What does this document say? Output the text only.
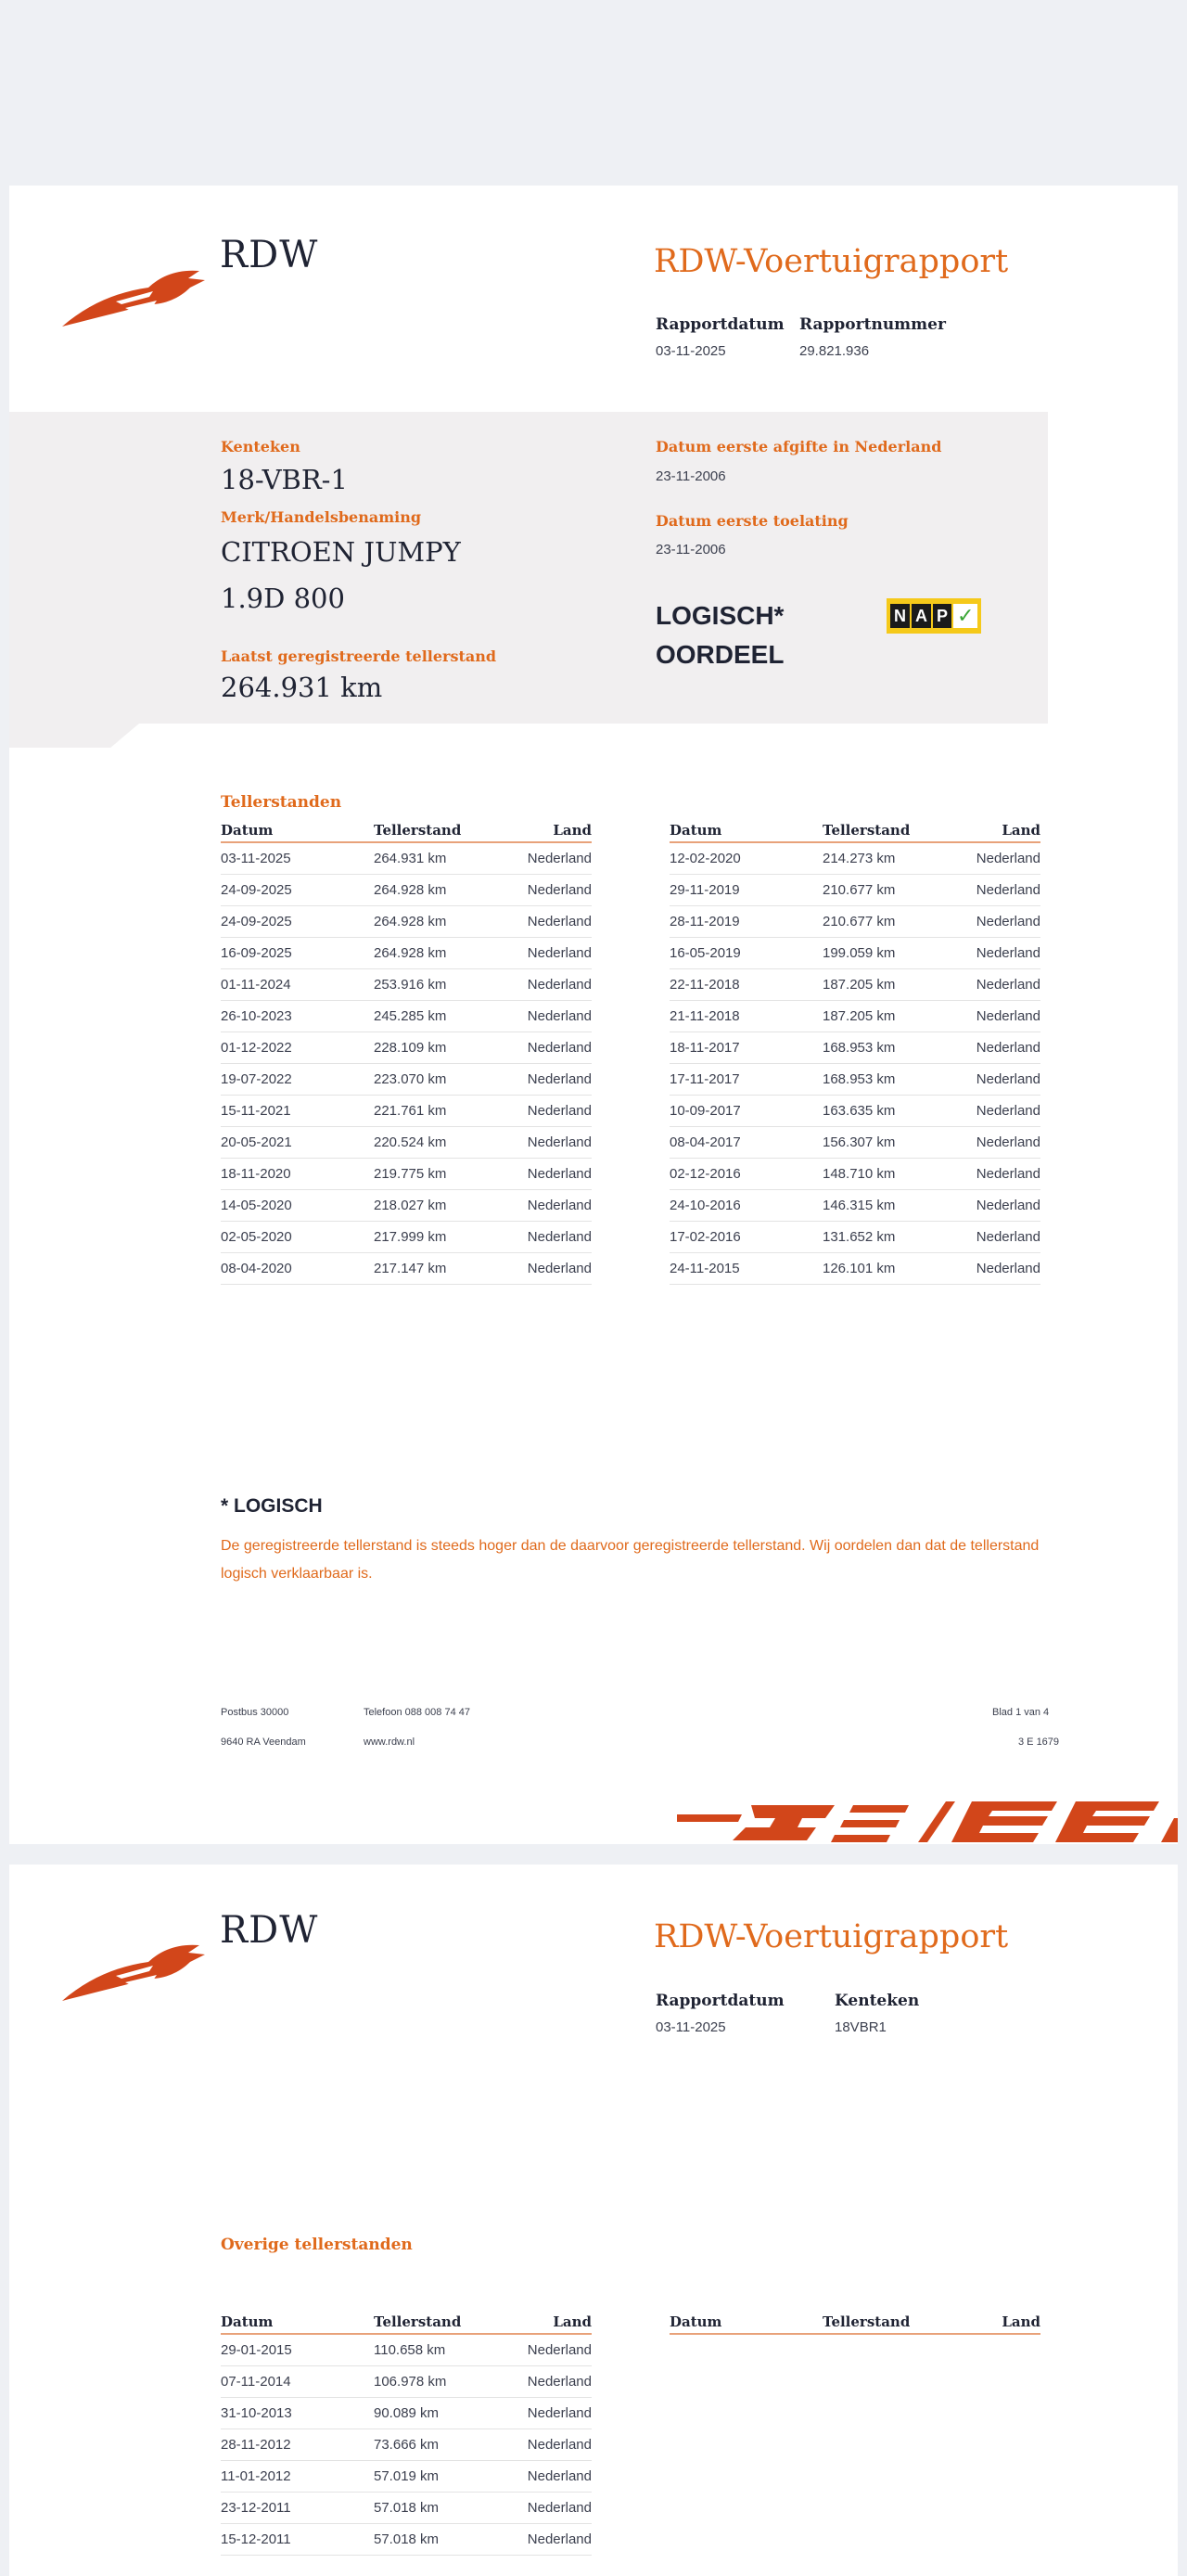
RDW	RDW-Voertuigrapport
Rapportdatum
03-11-2025
Rapportnummer
29.821.936
Kenteken
18-VBR-1
Merk/Handelsbenaming
CITROEN JUMPY
1.9D 800
Laatst geregistreerde tellerstand
264.931 km
Datum eerste afgifte in Nederland
23-11-2006
Datum eerste toelating
23-11-2006
LOGISCH*
OORDEEL
N A P ✓
Tellerstanden
Datum	Tellerstand	Land
03-11-2025	264.931 km	Nederland
24-09-2025	264.928 km	Nederland
24-09-2025	264.928 km	Nederland
16-09-2025	264.928 km	Nederland
01-11-2024	253.916 km	Nederland
26-10-2023	245.285 km	Nederland
01-12-2022	228.109 km	Nederland
19-07-2022	223.070 km	Nederland
15-11-2021	221.761 km	Nederland
20-05-2021	220.524 km	Nederland
18-11-2020	219.775 km	Nederland
14-05-2020	218.027 km	Nederland
02-05-2020	217.999 km	Nederland
08-04-2020	217.147 km	Nederland
Datum	Tellerstand	Land
12-02-2020	214.273 km	Nederland
29-11-2019	210.677 km	Nederland
28-11-2019	210.677 km	Nederland
16-05-2019	199.059 km	Nederland
22-11-2018	187.205 km	Nederland
21-11-2018	187.205 km	Nederland
18-11-2017	168.953 km	Nederland
17-11-2017	168.953 km	Nederland
10-09-2017	163.635 km	Nederland
08-04-2017	156.307 km	Nederland
02-12-2016	148.710 km	Nederland
24-10-2016	146.315 km	Nederland
17-02-2016	131.652 km	Nederland
24-11-2015	126.101 km	Nederland
* LOGISCH
De geregistreerde tellerstand is steeds hoger dan de daarvoor geregistreerde tellerstand. Wij oordelen dan dat de tellerstand logisch verklaarbaar is.
Postbus 30000
9640 RA Veendam
Telefoon 088 008 74 47
www.rdw.nl
Blad 1 van 4
3 E 1679
RDW	RDW-Voertuigrapport
Rapportdatum
03-11-2025
Kenteken
18VBR1
Overige tellerstanden
Datum	Tellerstand	Land
29-01-2015	110.658 km	Nederland
07-11-2014	106.978 km	Nederland
31-10-2013	90.089 km	Nederland
28-11-2012	73.666 km	Nederland
11-01-2012	57.019 km	Nederland
23-12-2011	57.018 km	Nederland
15-12-2011	57.018 km	Nederland
Datum	Tellerstand	Land
